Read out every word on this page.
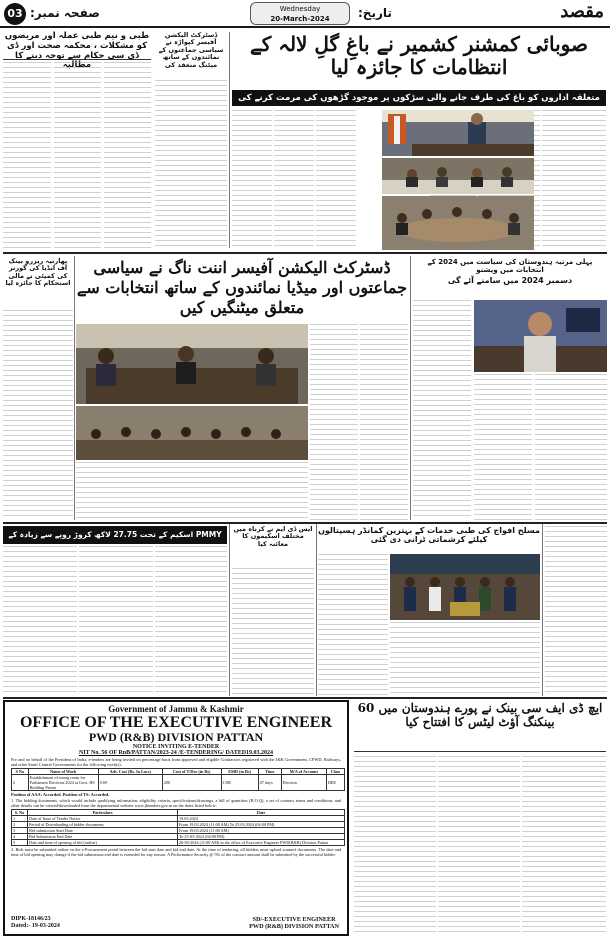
03 صفحہ نمبر:	Wednesday
20-March-2024	تاریخ:	مقصد
صوبائی کمشنر کشمیر نے باغِ گلِ لالہ کے انتظامات کا جائزہ لیا
متعلقہ اداروں کو باغ کی طرف جانے والی سڑکوں پر موجود گڑھوں کی مرمت کرنے کی
طبی و نیم طبی عملہ اور مریضوں کو مشکلات ، محکمہ صحت اور ڈی ڈی سی حکام سے توجہ دینے کا مطالبہ
ڈسٹرکٹ الیکشن آفیسر کپواڑہ نے سیاسی جماعتوں کے نمائندوں کے ساتھ میٹنگ منعقد کی
ڈسٹرکٹ الیکشن آفیسر اننت ناگ نے سیاسی جماعتوں اور میڈیا نمائندوں کے ساتھ انتخابات سے متعلق میٹنگیں کیں
بھارتیہ ریزرو بینک آف انڈیا کی گورنر کی کمیٹی نے مالی استحکام کا جائزہ لیا
پہلی مرتبہ ہندوستان کی سیاست میں 2024 کے انتخابات میں ویشنو
دسمبر 2024 میں سامنے آئے گی
PMMY اسکیم کے تحت 27.75 لاکھ کروڑ روپے سے زیادہ کے قرض فراہم کئے گئے
ایس ڈی ایم نے کرناہ میں مختلف اسکیموں کا معائنہ کیا
مسلح افواج کی طبی خدمات کے بہترین کمانڈر ہسپتالوں کیلئے کرشماتی ٹرانی دی گئی
Government of Jammu & Kashmir
OFFICE OF THE EXECUTIVE ENGINEER
PWD (R&B) DIVISION PATTAN
NOTICE INVITING E-TENDER
NIT No. 56 OF RnB/PATTAN/2023-24 /E-TENDERING/ DATED19.03.2024
For and on behalf of the President of India, e-tenders are being invited on percentage basis from approved and eligible Contractors registered with the J&K Government, CPWD, Railways, and other State/ Central Governments for the following work(s):
S No	Name of Work	Adv. Cost (Rs. In Lacs)	Cost of T/Doc (in Rs)	EMD (in Rs)	Time	M/A of Account	Class
2	Establishment of strong room for Parliament Elections 2024 at Govt. HS Building Pattan	0.69	200	1380	07 days	Election	DEE
Position of AAA: Accorded. Position of TS: Accorded.
1. The bidding documents, which would include qualifying information, eligibility criteria, specifications/drawings, a bill of quantities (B.O.Q), a set of contract terms and conditions, and other details can be viewed/downloaded from the departmental website www.jktenders.gov.in on the dates listed below:
S. No	Particulars	Date
1	Date of Issue of Tender Notice	19.03.2024
2	Period of Downloading of bidder documents	From 19.03.2024 (11:00 AM) To 25.03.2024 (04:00 PM)
3	Bid submission Start Date	From 19.03.2024 (11:00 AM)
4	Bid Submission End Date	To 25-03-2024 (04:00 PM)
5	Date and time of opening of bid (online)	26-03-2024 (11:00 AM) in the office of Executive Engineer PWD(R&B) Division Pattan
2. Bids must be submitted online on the e-Procurement portal between the bid start date and bid end date. At the time of tendering, all bidders must upload scanned documents. The date and time of bid opening may change if the bid submission end date is extended for any reason. A Performance Security @ 5% of the contract amount shall be submitted by the successful bidder.
DIPK-18146/23
Dated:- 19-03-2024
SD/-EXECUTIVE ENGINEER
PWD (R&B) DIVISION PATTAN
ایچ ڈی ایف سی بینک نے پورے ہندوستان میں 60 بینکنگ آؤٹ لیٹس کا افتتاح کیا
